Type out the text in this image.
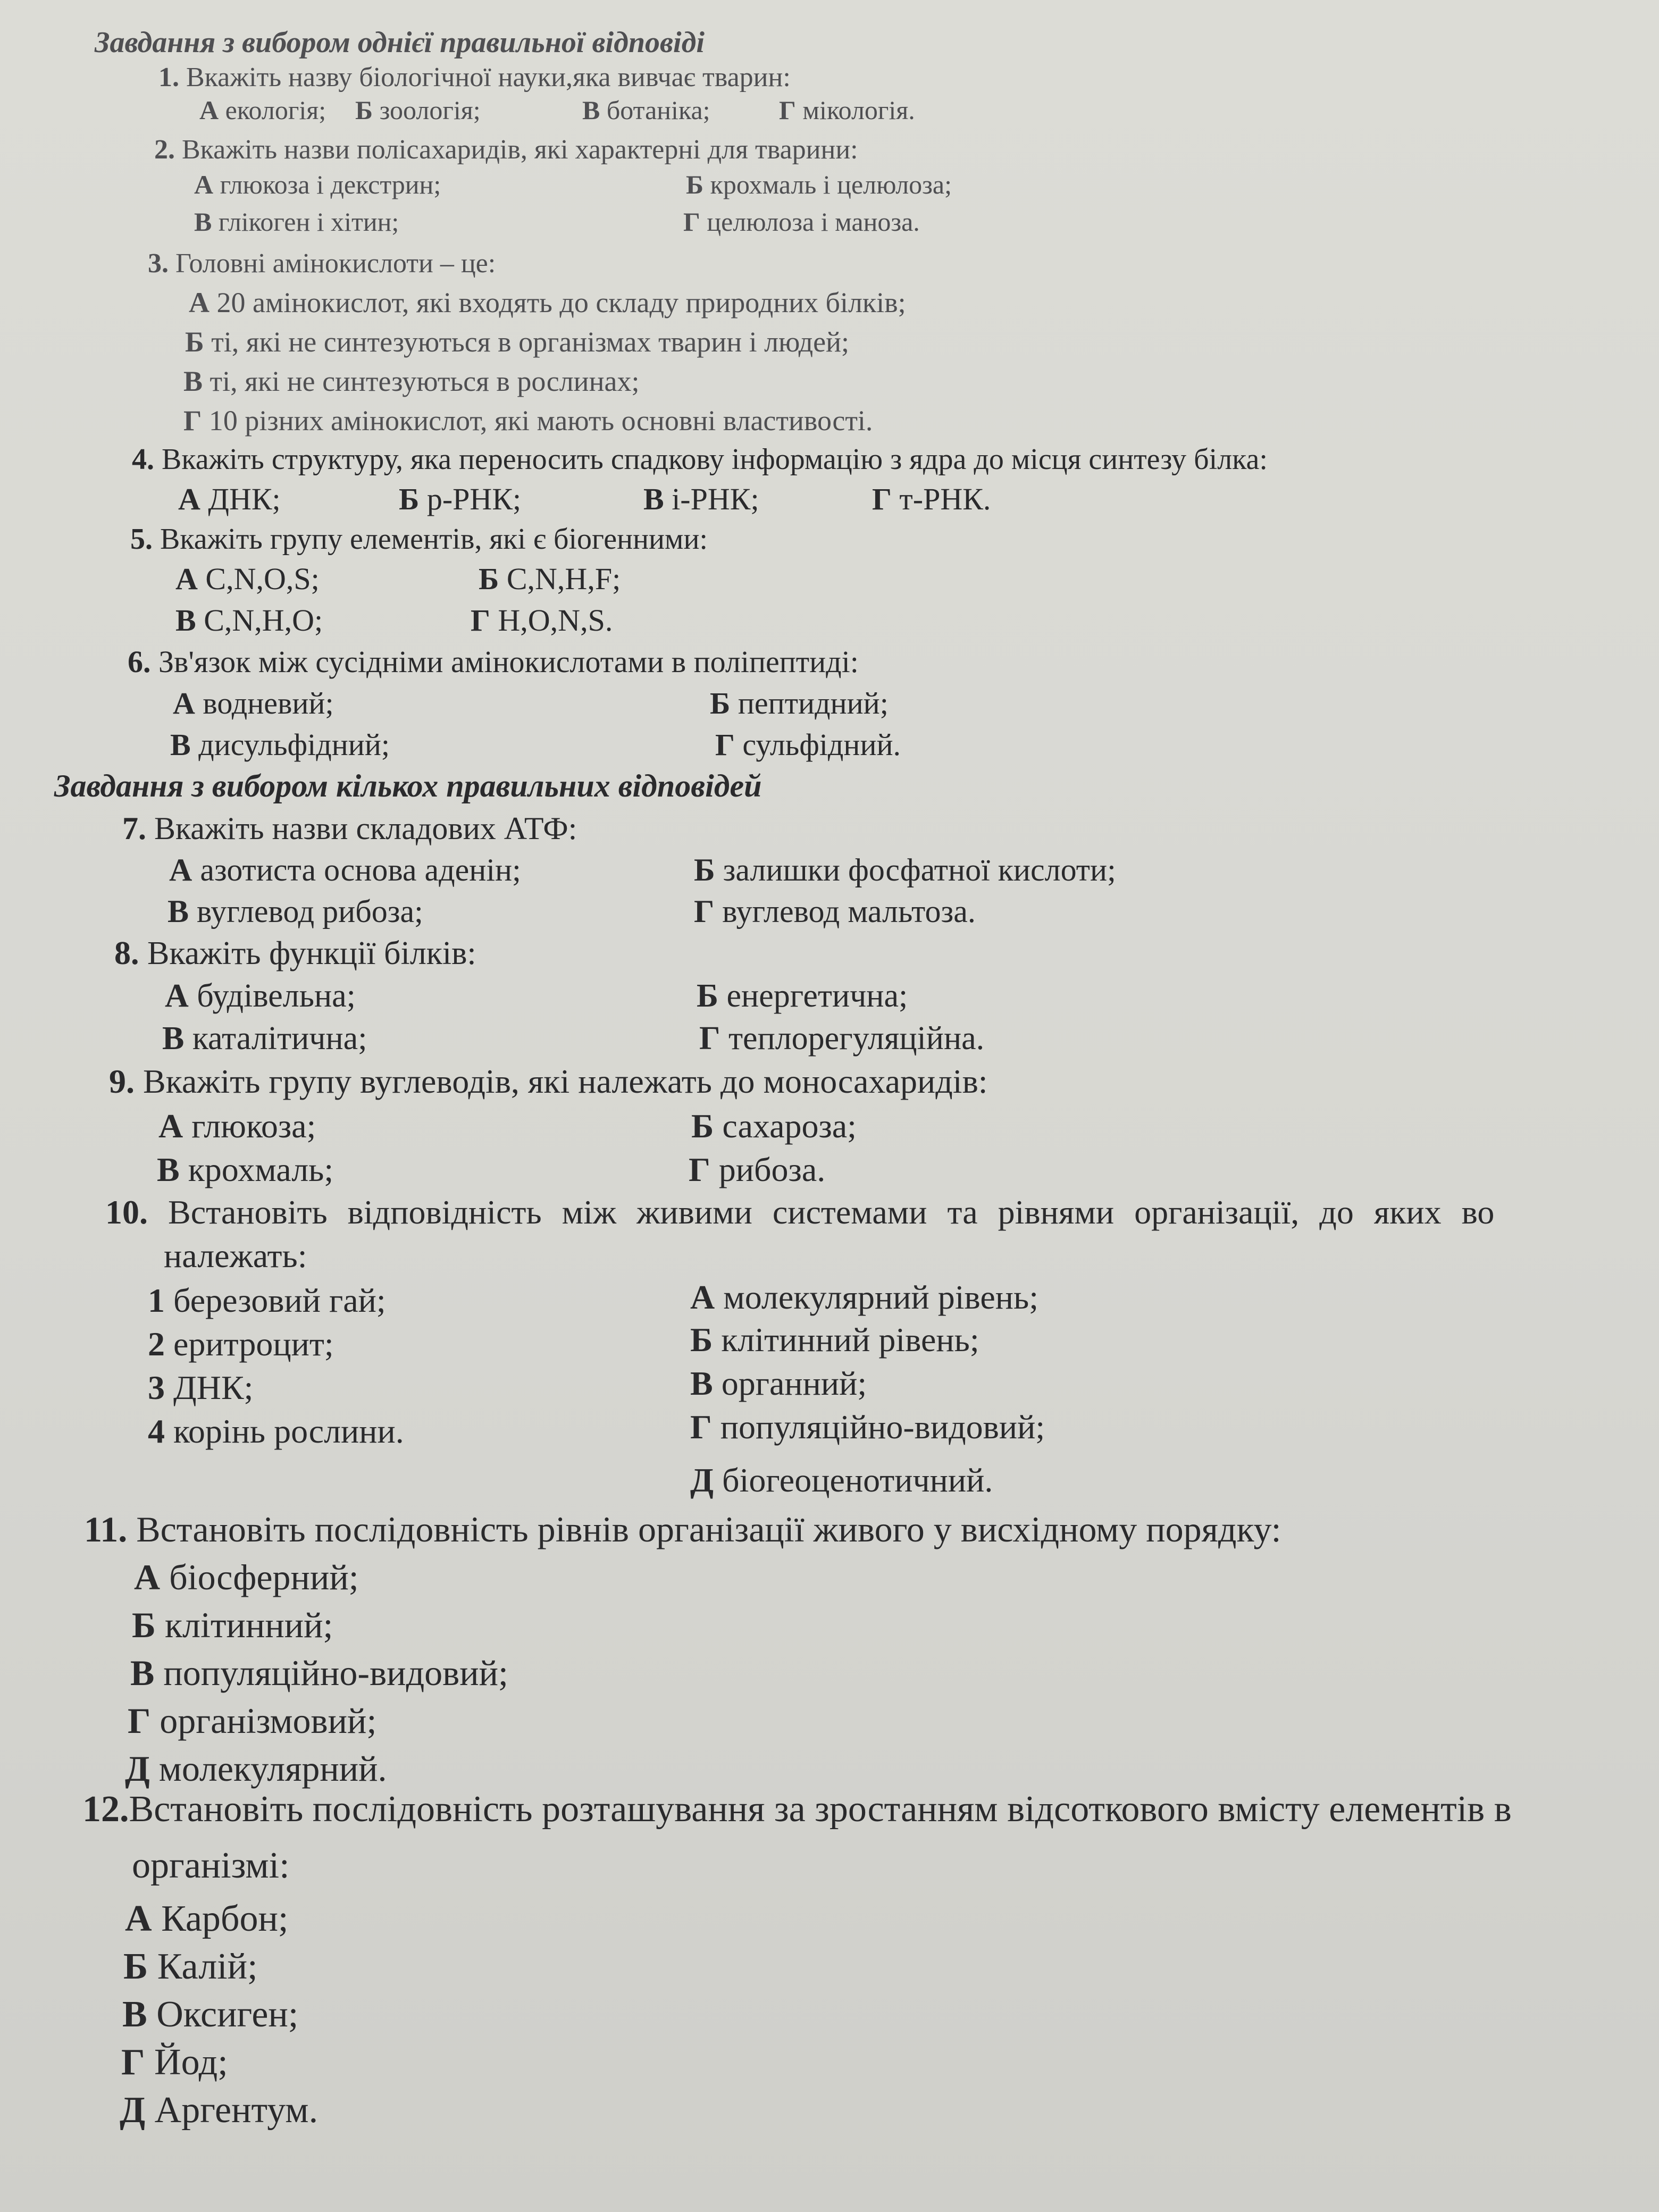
Завдання з вибором однієї правильної відповіді
1. Вкажіть назву біологічної науки,яка вивчає тварин:
А екологія; Б зоологія;	В ботаніка;	Г мікологія.
2. Вкажіть назви полісахаридів, які характерні для тварини:
А глюкоза і декстрин;	Б крохмаль і целюлоза;
В глікоген і хітин;	Г целюлоза і маноза.
3. Головні амінокислоти – це:
А 20 амінокислот, які входять до складу природних білків;
Б ті, які не синтезуються в організмах тварин і людей;
В ті, які не синтезуються в рослинах;
Г 10 різних амінокислот, які мають основні властивості.
4. Вкажіть структуру, яка переносить спадкову інформацію з ядра до місця синтезу білка:
А ДНК;	Б р-РНК;	В і-РНК;	Г т-РНК.
5. Вкажіть групу елементів, які є біогенними:
А C,N,O,S;	Б C,N,H,F;
В C,N,H,O;	Г H,O,N,S.
6. Зв'язок між сусідніми амінокислотами в поліпептиді:
А водневий;	Б пептидний;
В дисульфідний;	Г сульфідний.
Завдання з вибором кількох правильних відповідей
7. Вкажіть назви складових АТФ:
А азотиста основа аденін;	Б залишки фосфатної кислоти;
В вуглевод рибоза;	Г вуглевод мальтоза.
8. Вкажіть функції білків:
А будівельна;	Б енергетична;
В каталітична;	Г теплорегуляційна.
9. Вкажіть групу вуглеводів, які належать до моносахаридів:
А глюкоза;	Б сахароза;
В крохмаль;	Г рибоза.
10. Встановіть відповідність між живими системами та рівнями організації, до яких во
належать:
1 березовий гай;
2 еритроцит;
3 ДНК;
4 корінь рослини.
А молекулярний рівень;
Б клітинний рівень;
В органний;
Г популяційно-видовий;
Д біогеоценотичний.
11. Встановіть послідовність рівнів організації живого у висхідному порядку:
А біосферний;
Б клітинний;
В популяційно-видовий;
Г організмовий;
Д молекулярний.
12.Встановіть послідовність розташування за зростанням відсоткового вмісту елементів в
організмі:
А Карбон;
Б Калій;
В Оксиген;
Г Йод;
Д Аргентум.
